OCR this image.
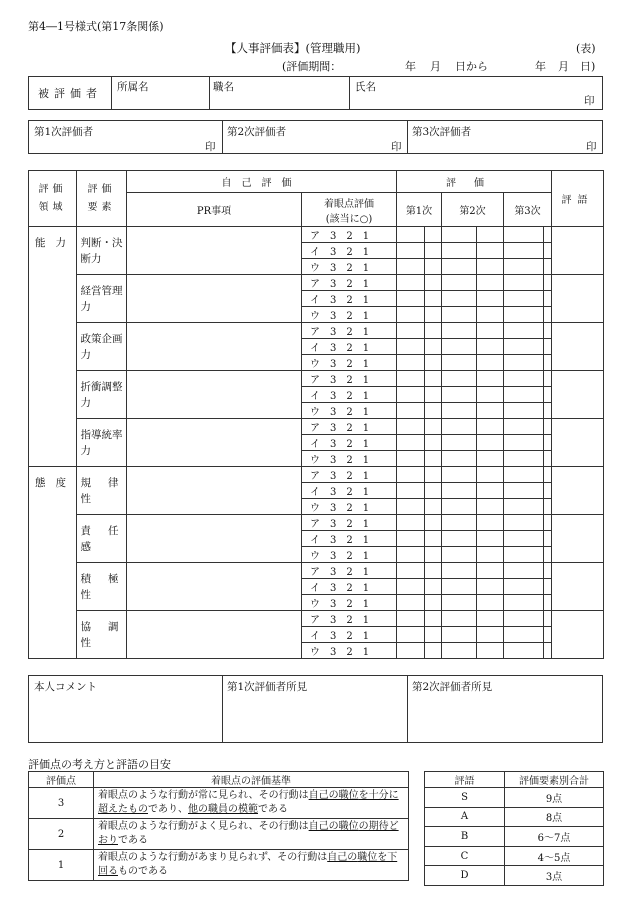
第4―1号様式(第17条関係)
【人事評価表】(管理職用)	(表)
(評価期間：	年 月 日から	年 月 日)
被評価者	所属名	職名	氏名
印
第1次評価者
印
第2次評価者
印
第3次評価者
印
評価領域	評価要素	自己評価		評価			評語
		PR事項	着眼点評価
(該当に○)	第1次	第2次	第3次	
能力	判断・決断力		ア 3　2　1	

			イ 3　2　1		

			ウ 3　2　1		

	経営管理力		ア 3　2　1	

			イ 3　2　1		

			ウ 3　2　1		

	政策企画力		ア 3　2　1	

			イ 3　2　1		

			ウ 3　2　1		

	折衝調整力		ア 3　2　1	

			イ 3　2　1		

			ウ 3　2　1		

	指導統率力		ア 3　2　1	

			イ 3　2　1		

			ウ 3　2　1		

態度	規律性		ア 3　2　1	

			イ 3　2　1		

			ウ 3　2　1		

	責任感		ア 3　2　1	

			イ 3　2　1		

			ウ 3　2　1		

	積極性		ア 3　2　1	

			イ 3　2　1		

			ウ 3　2　1		

	協調性		ア 3　2　1	

			イ 3　2　1		

			ウ 3　2　1		

本人コメント	第1次評価者所見	第2次評価者所見
評価点の考え方と評語の目安
評価点	着眼点の評価基準
3	着眼点のような行動が常に見られ、その行動は自己の職位を十分に超えたものであり、他の職員の模範である
2	着眼点のような行動がよく見られ、その行動は自己の職位の期待どおりである
1	着眼点のような行動があまり見られず、その行動は自己の職位を下回るものである
評語	評価要素別合計
S	9点
A	8点
B	6〜7点
C	4〜5点
D	3点
